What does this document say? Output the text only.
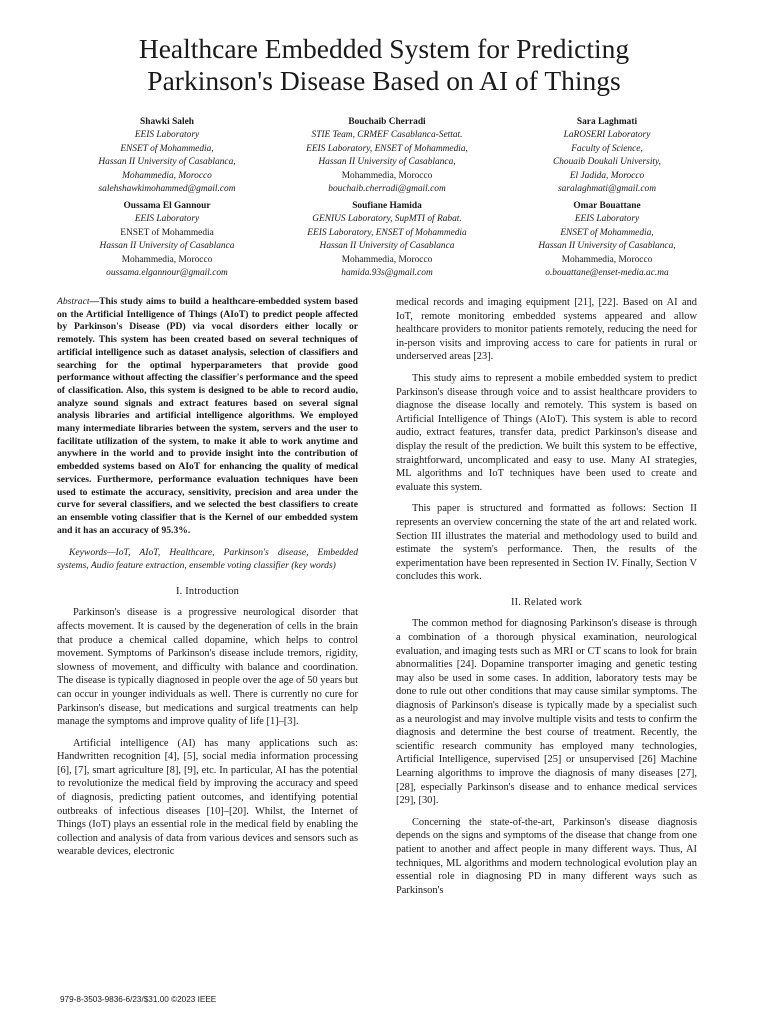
Healthcare Embedded System for Predicting
Parkinson's Disease Based on AI of Things
Shawki Saleh
EEIS Laboratory
ENSET of Mohammedia,
Hassan II University of Casablanca,
Mohammedia, Morocco
salehshawkimohammed@gmail.com
Bouchaib Cherradi
STIE Team, CRMEF Casablanca-Settat.
EEIS Laboratory, ENSET of Mohammedia,
Hassan II University of Casablanca,
Mohammedia, Morocco
bouchaib.cherradi@gmail.com
Sara Laghmati
LaROSERI Laboratory
Faculty of Science,
Chouaib Doukali University,
El Jadida, Morocco
saralaghmati@gmail.com
Oussama El Gannour
EEIS Laboratory
ENSET of Mohammedia
Hassan II University of Casablanca
Mohammedia, Morocco
oussama.elgannour@gmail.com
Soufiane Hamida
GENIUS Laboratory, SupMTI of Rabat.
EEIS Laboratory, ENSET of Mohammedia
Hassan II University of Casablanca
Mohammedia, Morocco
hamida.93s@gmail.com
Omar Bouattane
EEIS Laboratory
ENSET of Mohammedia,
Hassan II University of Casablanca,
Mohammedia, Morocco
o.bouattane@enset-media.ac.ma

Abstract—This study aims to build a healthcare-embedded system based on the Artificial Intelligence of Things (AIoT) to predict people affected by Parkinson's Disease (PD) via vocal disorders either locally or remotely. This system has been created based on several techniques of artificial intelligence such as dataset analysis, selection of classifiers and searching for the optimal hyperparameters that provide good performance without affecting the classifier's performance and the speed of classification. Also, this system is designed to be able to record audio, analyze sound signals and extract features based on several signal analysis libraries and artificial intelligence algorithms. We employed many intermediate libraries between the system, servers and the user to facilitate utilization of the system, to make it able to work anytime and anywhere in the world and to provide insight into the contribution of embedded systems based on AIoT for enhancing the quality of medical services. Furthermore, performance evaluation techniques have been used to estimate the accuracy, sensitivity, precision and area under the curve for several classifiers, and we selected the best classifiers to create an ensemble voting classifier that is the Kernel of our embedded system and it has an accuracy of 95.3%.

Keywords—IoT, AIoT, Healthcare, Parkinson's disease, Embedded systems, Audio feature extraction, ensemble voting classifier (key words)

I. Introduction

Parkinson's disease is a progressive neurological disorder that affects movement. It is caused by the degeneration of cells in the brain that produce a chemical called dopamine, which helps to control movement. Symptoms of Parkinson's disease include tremors, rigidity, slowness of movement, and difficulty with balance and coordination. The disease is typically diagnosed in people over the age of 50 years but can occur in younger individuals as well. There is currently no cure for Parkinson's disease, but medications and surgical treatments can help manage the symptoms and improve quality of life [1]–[3].

Artificial intelligence (AI) has many applications such as: Handwritten recognition [4], [5], social media information processing [6], [7], smart agriculture [8], [9], etc. In particular, AI has the potential to revolutionize the medical field by improving the accuracy and speed of diagnosis, predicting patient outcomes, and identifying potential outbreaks of infectious diseases [10]–[20]. Whilst, the Internet of Things (IoT) plays an essential role in the medical field by enabling the collection and analysis of data from various devices and sensors such as wearable devices, electronic

medical records and imaging equipment [21], [22]. Based on AI and IoT, remote monitoring embedded systems appeared and allow healthcare providers to monitor patients remotely, reducing the need for in-person visits and improving access to care for patients in rural or underserved areas [23].

This study aims to represent a mobile embedded system to predict Parkinson's disease through voice and to assist healthcare providers to diagnose the disease locally and remotely. This system is based on Artificial Intelligence of Things (AIoT). This system is able to record audio, extract features, transfer data, predict Parkinson's disease and display the result of the prediction. We built this system to be effective, straightforward, uncomplicated and easy to use. Many AI strategies, ML algorithms and IoT techniques have been used to create and evaluate this system.

This paper is structured and formatted as follows: Section II represents an overview concerning the state of the art and related work. Section III illustrates the material and methodology used to build and estimate the system's performance. Then, the results of the experimentation have been represented in Section IV. Finally, Section V concludes this work.

II. Related work

The common method for diagnosing Parkinson's disease is through a combination of a thorough physical examination, neurological evaluation, and imaging tests such as MRI or CT scans to look for brain abnormalities [24]. Dopamine transporter imaging and genetic testing may also be used in some cases. In addition, laboratory tests may be done to rule out other conditions that may cause similar symptoms. The diagnosis of Parkinson's disease is typically made by a specialist such as a neurologist and may involve multiple visits and tests to confirm the diagnosis and determine the best course of treatment. Recently, the scientific research community has employed many technologies, Artificial Intelligence, supervised [25] or unsupervised [26] Machine Learning algorithms to improve the diagnosis of many diseases [27], [28], especially Parkinson's disease and to enhance medical services [29], [30].

Concerning the state-of-the-art, Parkinson's disease diagnosis depends on the signs and symptoms of the disease that change from one patient to another and affect people in many different ways. Thus, AI techniques, ML algorithms and modern technological evolution play an essential role in diagnosing PD in many different ways such as Parkinson's

979-8-3503-9836-6/23/$31.00 ©2023 IEEE
